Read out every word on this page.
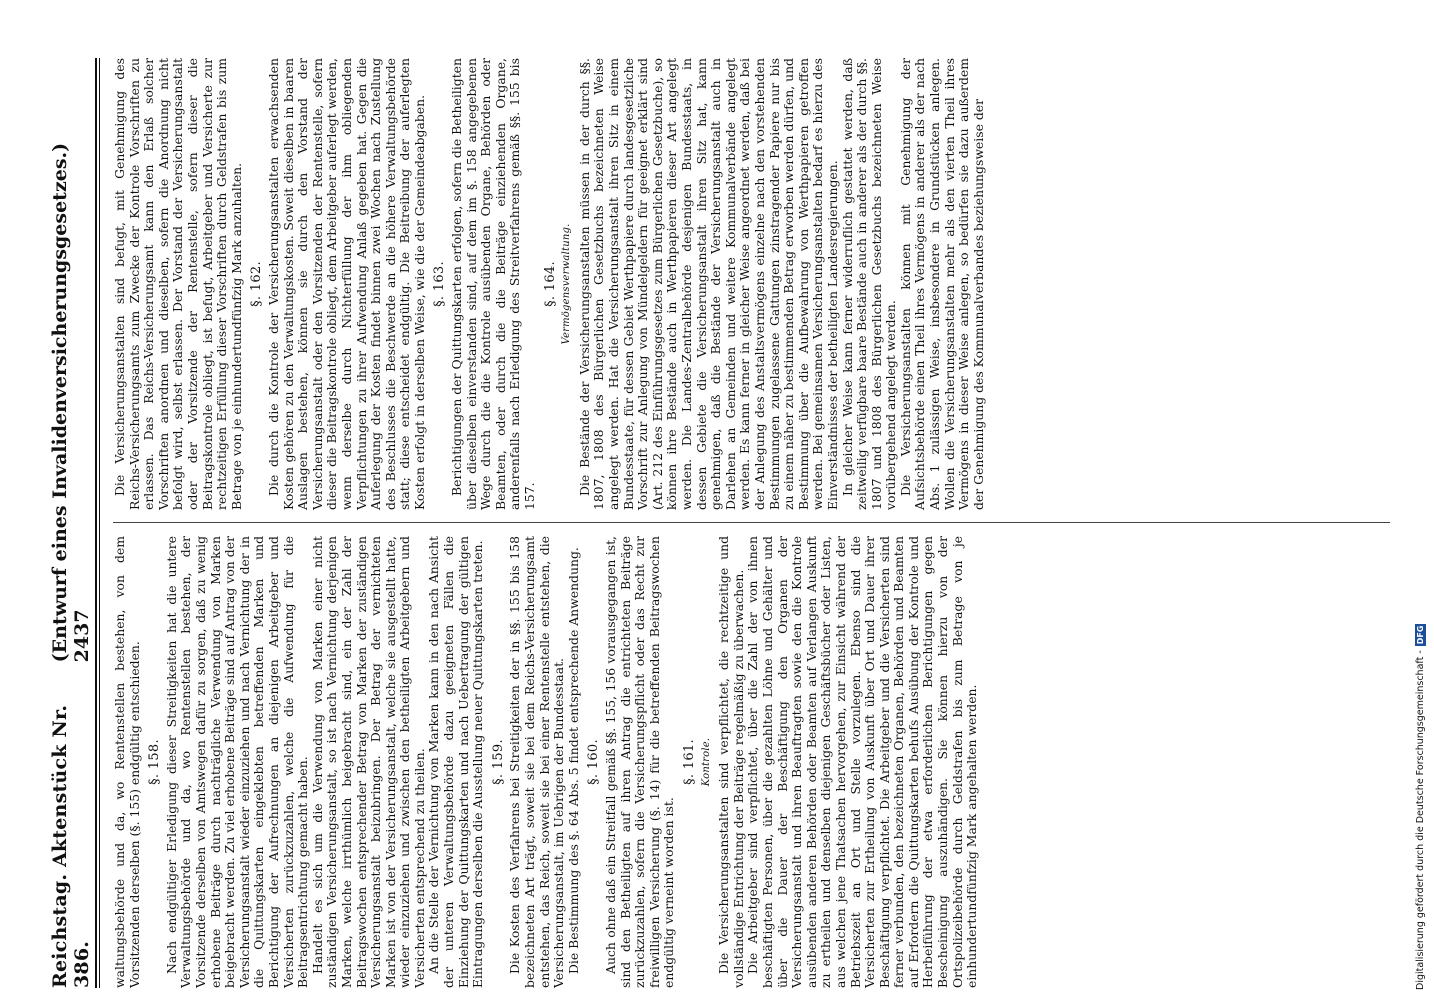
Reichstag. Aktenstück Nr. 386.
(Entwurf eines Invalidenversicherungsgesetzes.)  2437 waltungsbehörde und da, wo Rentenstellen bestehen, von dem Vorsitzenden derselben (§. 155) endgültig entschieden. §. 158. Nach endgültiger Erledigung dieser Streitigkeiten hat die untere Verwaltungsbehörde und da, wo Rentenstellen bestehen, der Vorsitzende derselben von Amtswegen dafür zu sorgen, daß zu wenig erhobene Beiträge durch nachträgliche Verwendung von Marken beigebracht werden. Zu viel erhobene Beiträge sind auf Antrag von der Versicherungsanstalt wieder einzuziehen und nach Vernichtung der in die Quittungskarten eingeklebten betreffenden Marken und Berichtigung der Aufrechnungen an diejenigen Arbeitgeber und Versicherten zurückzuzahlen, welche die Aufwendung für die Beitragsentrichtung gemacht haben. Handelt es sich um die Verwendung von Marken einer nicht zuständigen Versicherungsanstalt, so ist nach Vernichtung derjenigen Marken, welche irrthümlich beigebracht sind, ein der Zahl der Beitragswochen entsprechender Betrag von Marken der zuständigen Versicherungsanstalt beizubringen. Der Betrag der vernichteten Marken ist von der Versicherungsanstalt, welche sie ausgestellt hatte, wieder einzuziehen und zwischen den betheiligten Arbeitgebern und Versicherten entsprechend zu theilen. An die Stelle der Vernichtung von Marken kann in den nach Ansicht der unteren Verwaltungsbehörde dazu geeigneten Fällen die Einziehung der Quittungskarten und nach Uebertragung der gültigen Eintragungen derselben die Ausstellung neuer Quittungskarten treten. §. 159. Die Kosten des Verfahrens bei Streitigkeiten der in §§. 155 bis 158 bezeichneten Art trägt, soweit sie bei dem Reichs-Versicherungsamt entstehen, das Reich, soweit sie bei einer Rentenstelle entstehen, die Versicherungsanstalt, im Uebrigen der Bundesstaat. Die Bestimmung des §. 64 Abs. 5 findet entsprechende Anwendung. §. 160. Auch ohne daß ein Streitfall gemäß §§. 155, 156 vorausgegangen ist, sind den Betheiligten auf ihren Antrag die entrichteten Beiträge zurückzuzahlen, sofern die Versicherungspflicht oder das Recht zur freiwilligen Versicherung (§. 14) für die betreffenden Beitragswochen endgültig verneint worden ist.

§. 161. Kontrole. Die Versicherungsanstalten sind verpflichtet, die rechtzeitige und vollständige Entrichtung der Beiträge regelmäßig zu überwachen. Die Arbeitgeber sind verpflichtet, über die Zahl der von ihnen beschäftigten Personen, über die gezahlten Löhne und Gehälter und über die Dauer der Beschäftigung den Organen der Versicherungsanstalt und ihren Beauftragten sowie den die Kontrole ausübenden anderen Behörden oder Beamten auf Verlangen Auskunft zu ertheilen und denselben diejenigen Geschäftsbücher oder Listen, aus welchen jene Thatsachen hervorgehen, zur Einsicht während der Betriebszeit an Ort und Stelle vorzulegen. Ebenso sind die Versicherten zur Ertheilung von Auskunft über Ort und Dauer ihrer Beschäftigung verpflichtet. Die Arbeitgeber und die Versicherten sind ferner verbunden, den bezeichneten Organen, Behörden und Beamten auf Erfordern die Quittungskarten behufs Ausübung der Kontrole und Herbeiführung der etwa erforderlichen Berichtigungen gegen Bescheinigung auszuhändigen. Sie können hierzu von der Ortspolizeibehörde durch Geldstrafen bis zum Betrage von je einhundertundfünfzig Mark angehalten werden.

Die Versicherungsanstalten sind befugt, mit Genehmigung des Reichs-Versicherungsamts zum Zwecke der Kontrole Vorschriften zu erlassen. Das Reichs-Versicherungsamt kann den Erlaß solcher Vorschriften anordnen und dieselben, sofern die Anordnung nicht befolgt wird, selbst erlassen. Der Vorstand der Versicherungsanstalt oder der Vorsitzende der Rentenstelle, sofern dieser die Beitragskontrole obliegt, ist befugt, Arbeitgeber und Versicherte zur rechtzeitigen Erfüllung dieser Vorschriften durch Geldstrafen bis zum Betrage von je einhundertundfünfzig Mark anzuhalten. §. 162. Die durch die Kontrole der Versicherungsanstalten erwachsenden Kosten gehören zu den Verwaltungskosten. Soweit dieselben in baaren Auslagen bestehen, können sie durch den Vorstand der Versicherungsanstalt oder den Vorsitzenden der Rentenstelle, sofern dieser die Beitragskontrole obliegt, dem Arbeitgeber auferlegt werden, wenn derselbe durch Nichterfüllung der ihm obliegenden Verpflichtungen zu ihrer Aufwendung Anlaß gegeben hat. Gegen die Auferlegung der Kosten findet binnen zwei Wochen nach Zustellung des Beschlusses die Beschwerde an die höhere Verwaltungsbehörde statt; diese entscheidet endgültig. Die Beitreibung der auferlegten Kosten erfolgt in derselben Weise, wie die der Gemeindeabgaben. §. 163. Berichtigungen der Quittungskarten erfolgen, sofern die Betheiligten über dieselben einverstanden sind, auf dem im §. 158 angegebenen Wege durch die die Kontrole ausübenden Organe, Behörden oder Beamten, oder durch die die Beiträge einziehenden Organe, anderenfalls nach Erledigung des Streitverfahrens gemäß §§. 155 bis 157.

§. 164. Vermögensverwaltung. Die Bestände der Versicherungsanstalten müssen in der durch §§. 1807, 1808 des Bürgerlichen Gesetzbuchs bezeichneten Weise angelegt werden. Hat die Versicherungsanstalt ihren Sitz in einem Bundesstaate, für dessen Gebiet Werthpapiere durch landesgesetzliche Vorschrift zur Anlegung von Mündelgeldern für geeignet erklärt sind (Art. 212 des Einführungsgesetzes zum Bürgerlichen Gesetzbuche), so können ihre Bestände auch in Werthpapieren dieser Art angelegt werden. Die Landes-Zentralbehörde desjenigen Bundesstaats, in dessen Gebiete die Versicherungsanstalt ihren Sitz hat, kann genehmigen, daß die Bestände der Versicherungsanstalt auch in Darlehen an Gemeinden und weitere Kommunalverbände angelegt werden. Es kann ferner in gleicher Weise angeordnet werden, daß bei der Anlegung des Anstaltsvermögens einzelne nach den vorstehenden Bestimmungen zugelassene Gattungen zinstragender Papiere nur bis zu einem näher zu bestimmenden Betrag erworben werden dürfen, und Bestimmung über die Aufbewahrung von Werthpapieren getroffen werden. Bei gemeinsamen Versicherungsanstalten bedarf es hierzu des Einverständnisses der betheiligten Landesregierungen. In gleicher Weise kann ferner widerruflich gestattet werden, daß zeitweilig verfügbare baare Bestände auch in anderer als der durch §§. 1807 und 1808 des Bürgerlichen Gesetzbuchs bezeichneten Weise vorübergehend angelegt werden. Die Versicherungsanstalten können mit Genehmigung der Aufsichtsbehörde einen Theil ihres Vermögens in anderer als der nach Abs. 1 zulässigen Weise, insbesondere in Grundstücken anlegen. Wollen die Versicherungsanstalten mehr als den vierten Theil ihres Vermögens in dieser Weise anlegen, so bedürfen sie dazu außerdem der Genehmigung des Kommunalverbandes beziehungsweise der

Digitalisierung gefördert durch die Deutsche Forschungsgemeinschaft -DFG
